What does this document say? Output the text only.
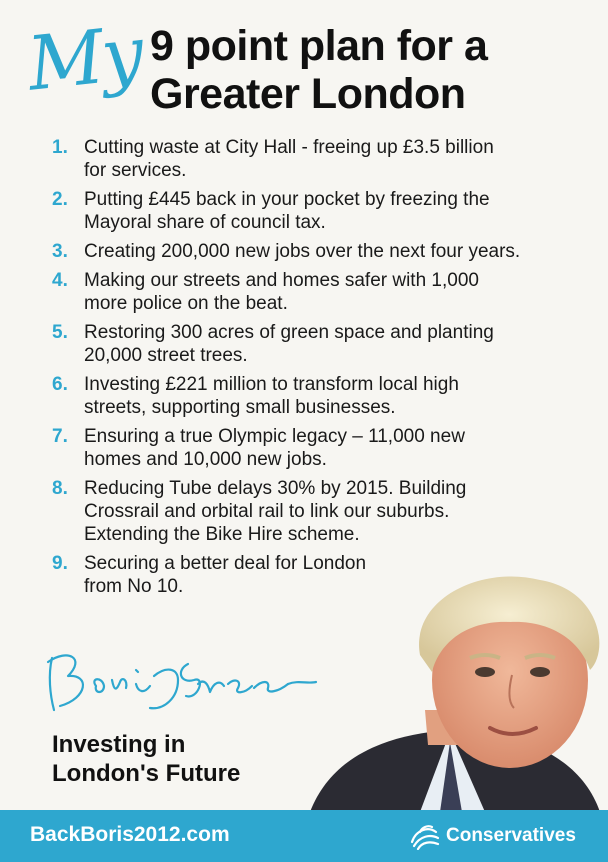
My 9 point plan for a
Greater London
1. Cutting waste at City Hall - freeing up £3.5 billion
for services.
2. Putting £445 back in your pocket by freezing the
Mayoral share of council tax.
3. Creating 200,000 new jobs over the next four years.
4. Making our streets and homes safer with 1,000
more police on the beat.
5. Restoring 300 acres of green space and planting
20,000 street trees.
6. Investing £221 million to transform local high
streets, supporting small businesses.
7. Ensuring a true Olympic legacy – 11,000 new
homes and 10,000 new jobs.
8. Reducing Tube delays 30% by 2015. Building
Crossrail and orbital rail to link our suburbs.
Extending the Bike Hire scheme.
9. Securing a better deal for London
from No 10.
Investing in
London's Future
BackBoris2012.com	Conservatives
